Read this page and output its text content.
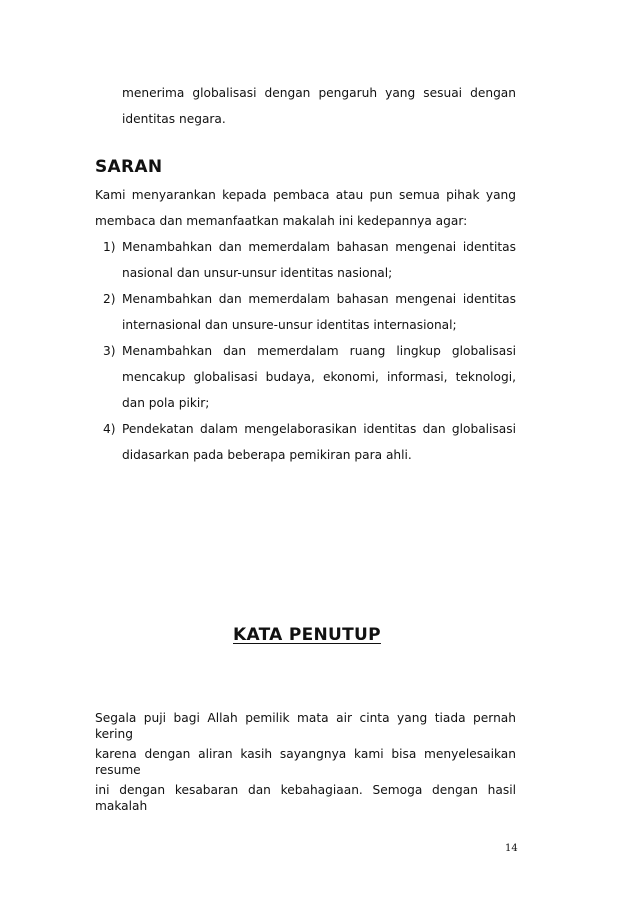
menerima globalisasi dengan pengaruh yang sesuai dengan
identitas negara.
SARAN
Kami menyarankan kepada pembaca atau pun semua pihak yang
membaca dan memanfaatkan makalah ini kedepannya agar:
1) Menambahkan dan memerdalam bahasan mengenai identitas
nasional dan unsur-unsur identitas nasional;
2) Menambahkan dan memerdalam bahasan mengenai identitas
internasional dan unsure-unsur identitas internasional;
3) Menambahkan dan memerdalam ruang lingkup globalisasi
mencakup globalisasi budaya, ekonomi, informasi, teknologi,
dan pola pikir;
4) Pendekatan dalam mengelaborasikan identitas dan globalisasi
didasarkan pada beberapa pemikiran para ahli.
KATA PENUTUP
Segala puji bagi Allah pemilik mata air cinta yang tiada pernah kering
karena dengan aliran kasih sayangnya kami bisa menyelesaikan resume
ini dengan kesabaran dan kebahagiaan. Semoga dengan hasil makalah
14
